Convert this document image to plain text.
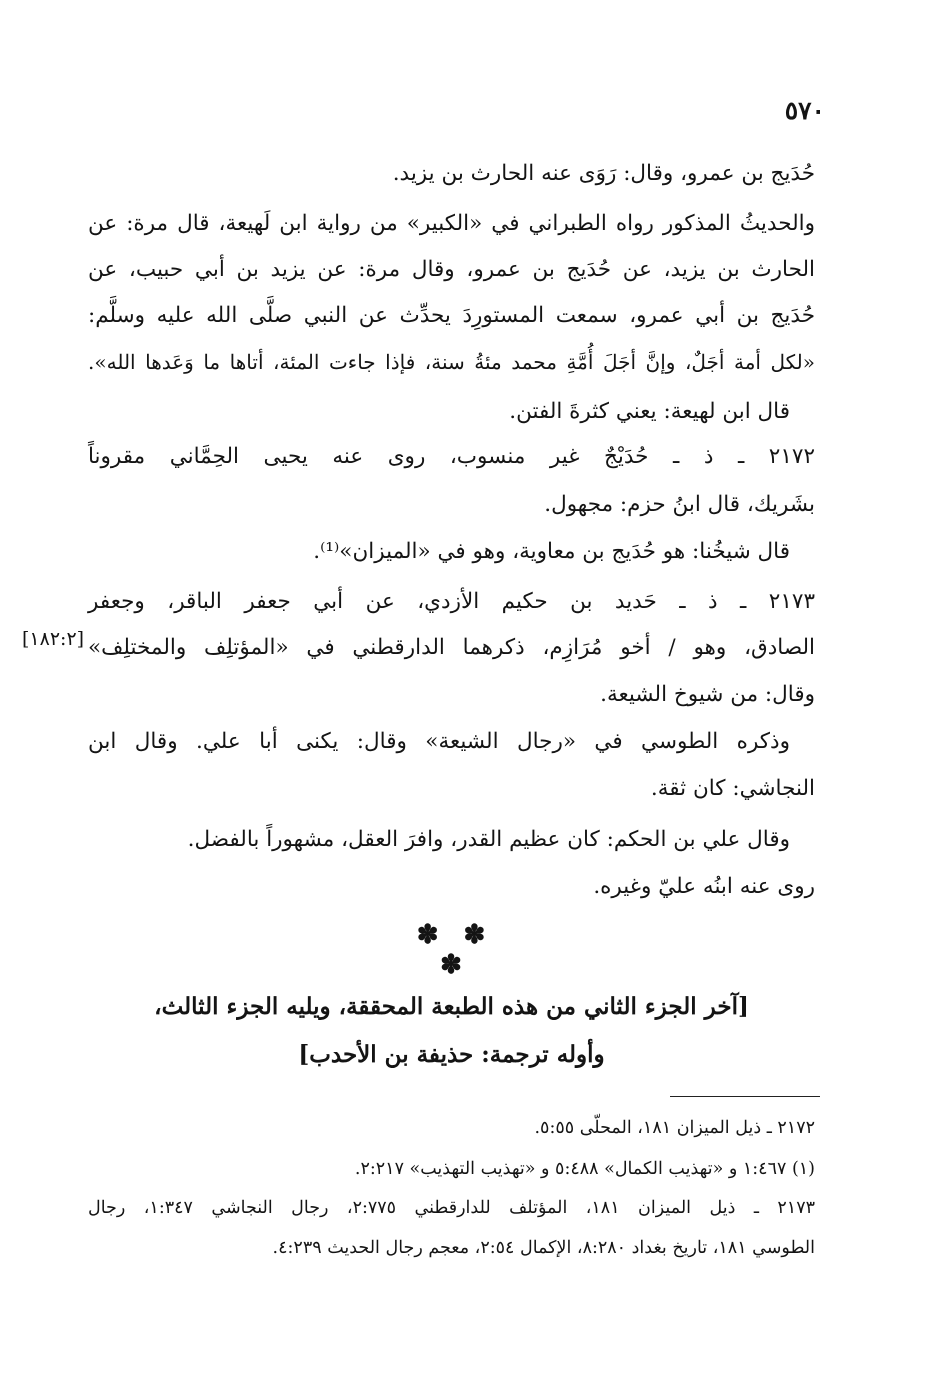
٥٧٠
حُدَيج بن عمرو، وقال: رَوَى عنه الحارث بن يزيد.
والحديثُ المذكور رواه الطبراني في «الكبير» من رواية ابن لَهيعة، قال مرة: عن
الحارث بن يزيد، عن حُدَيج بن عمرو، وقال مرة: عن يزيد بن أبي حبيب، عن
حُدَيج بن أبي عمرو، سمعت المستورِدَ يحدِّث عن النبي صلَّى الله عليه وسلَّم:
«لكل أمة أجَلٌ، وإنَّ أجَلَ أُمَّةِ محمد مئةُ سنة، فإذا جاءت المئة، أتاها ما وَعَدها الله».
قال ابن لهيعة: يعني كثرةَ الفتن.
٢١٧٢ ـ ذ ـ حُدَيْجٌ غير منسوب، روى عنه يحيى الحِمَّاني مقروناً
بشَريك، قال ابنُ حزم: مجهول.
قال شيخُنا: هو حُدَيج بن معاوية، وهو في «الميزان»⁽¹⁾.
٢١٧٣ ـ ذ ـ حَديد بن حكيم الأزدي، عن أبي جعفر الباقر، وجعفر
الصادق، وهو / أخو مُرَازِم، ذكرهما الدارقطني في «المؤتلِف والمختلِف»
وقال: من شيوخ الشيعة.
وذكره الطوسي في «رجال الشيعة» وقال: يكنى أبا علي. وقال ابن
النجاشي: كان ثقة.
وقال علي بن الحكم: كان عظيم القدر، وافرَ العقل، مشهوراً بالفضل.
روى عنه ابنُه عليّ وغيره.
[١٨٢:٢]
✽ ✽ ✽
[آخر الجزء الثاني من هذه الطبعة المحققة، ويليه الجزء الثالث،
وأوله ترجمة: حذيفة بن الأحدب]
٢١٧٢ ـ ذيل الميزان ١٨١، المحلّى ٥:٥٥.
(١) ١:٤٦٧ و «تهذيب الكمال» ٥:٤٨٨ و «تهذيب التهذيب» ٢:٢١٧.
٢١٧٣ ـ ذيل الميزان ١٨١، المؤتلف للدارقطني ٢:٧٧٥، رجال النجاشي ١:٣٤٧، رجال
الطوسي ١٨١، تاريخ بغداد ٨:٢٨٠، الإكمال ٢:٥٤، معجم رجال الحديث ٤:٢٣٩.
